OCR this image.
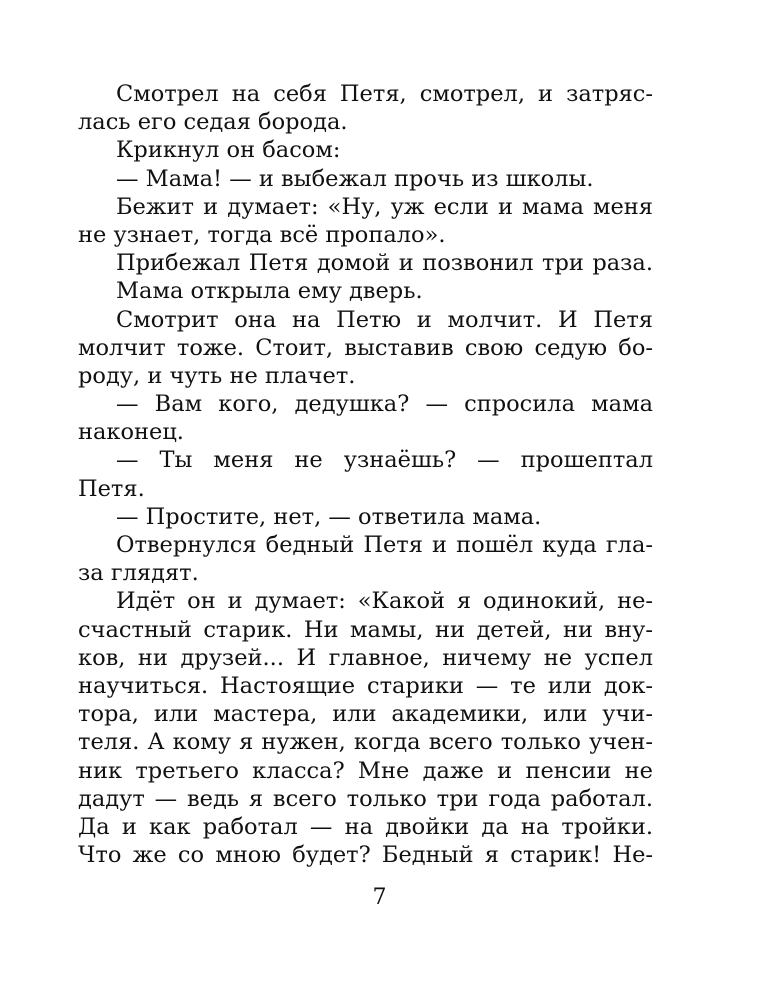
Смотрел на себя Петя, смотрел, и затряс-
лась его седая борода.
Крикнул он басом:
— Мама! — и выбежал прочь из школы.
Бежит и думает: «Ну, уж если и мама меня
не узнает, тогда всё пропало».
Прибежал Петя домой и позвонил три раза.
Мама открыла ему дверь.
Смотрит она на Петю и молчит. И Петя
молчит тоже. Стоит, выставив свою седую бо-
роду, и чуть не плачет.
— Вам кого, дедушка? — спросила мама
наконец.
— Ты меня не узнаёшь? — прошептал
Петя.
— Простите, нет, — ответила мама.
Отвернулся бедный Петя и пошёл куда гла-
за глядят.
Идёт он и думает: «Какой я одинокий, не-
счастный старик. Ни мамы, ни детей, ни вну-
ков, ни друзей... И главное, ничему не успел
научиться. Настоящие старики — те или док-
тора, или мастера, или академики, или учи-
теля. А кому я нужен, когда всего только учен-
ник третьего класса? Мне даже и пенсии не
дадут — ведь я всего только три года работал.
Да и как работал — на двойки да на тройки.
Что же со мною будет? Бедный я старик! Не-
7
